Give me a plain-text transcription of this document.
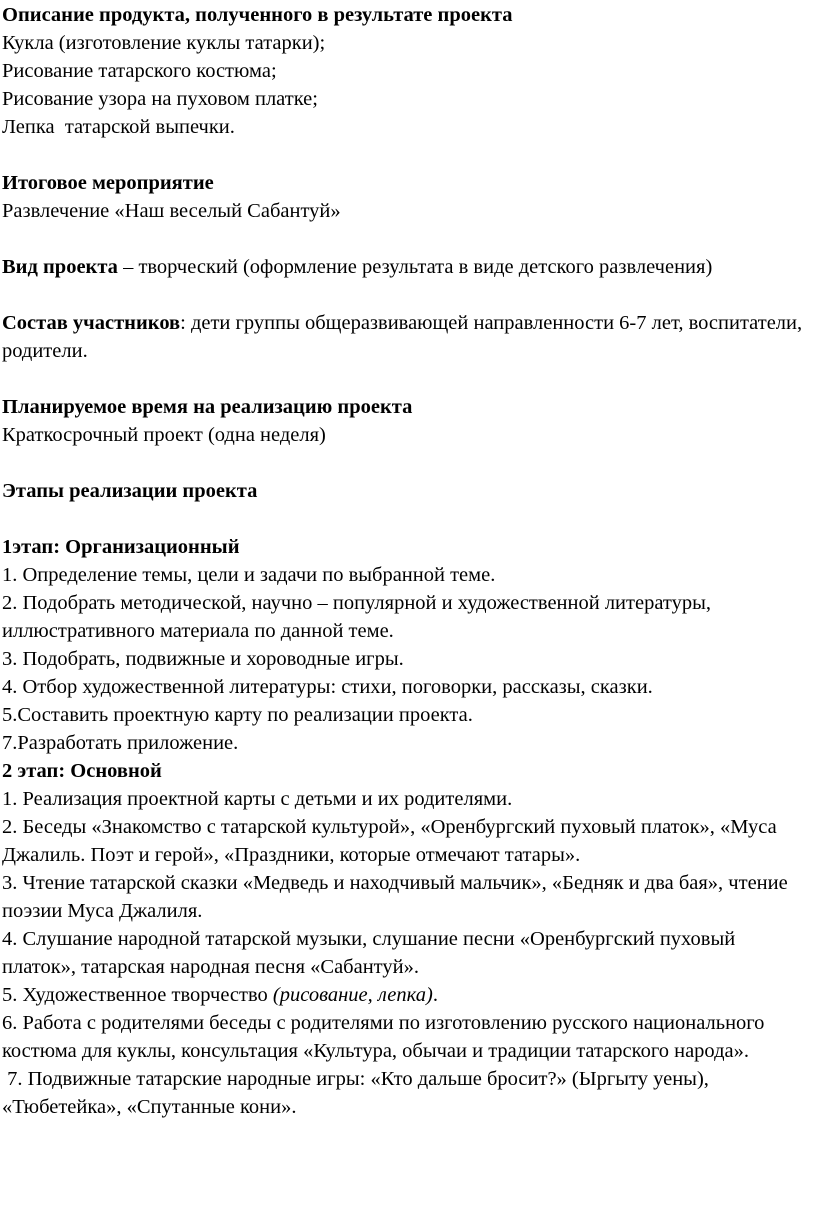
Описание продукта, полученного в результате проекта
Кукла (изготовление куклы татарки);
Рисование татарского костюма;
Рисование узора на пуховом платке;
Лепка  татарской выпечки.
Итоговое мероприятие
Развлечение «Наш веселый Сабантуй»
Вид проекта – творческий (оформление результата в виде детского развлечения)
Состав участников: дети группы общеразвивающей направленности 6-7 лет, воспитатели, родители.
Планируемое время на реализацию проекта
Краткосрочный проект (одна неделя)
Этапы реализации проекта
1этап: Организационный
1. Определение темы, цели и задачи по выбранной теме.
2. Подобрать методической, научно – популярной и художественной литературы, иллюстративного материала по данной теме.
3. Подобрать, подвижные и хороводные игры.
4. Отбор художественной литературы: стихи, поговорки, рассказы, сказки.
5.Составить проектную карту по реализации проекта.
7.Разработать приложение.
2 этап: Основной
1. Реализация проектной карты с детьми и их родителями.
2. Беседы «Знакомство с татарской культурой», «Оренбургский пуховый платок», «Муса Джалиль. Поэт и герой», «Праздники, которые отмечают татары».
3. Чтение татарской сказки «Медведь и находчивый мальчик», «Бедняк и два бая», чтение поэзии Муса Джалиля.
4. Слушание народной татарской музыки, слушание песни «Оренбургский пуховый платок», татарская народная песня «Сабантуй».
5. Художественное творчество (рисование, лепка).
6. Работа с родителями беседы с родителями по изготовлению русского национального костюма для куклы, консультация «Культура, обычаи и традиции татарского народа».
7. Подвижные татарские народные игры: «Кто дальше бросит?» (Ыргыту уены), «Тюбетейка», «Спутанные кони».
